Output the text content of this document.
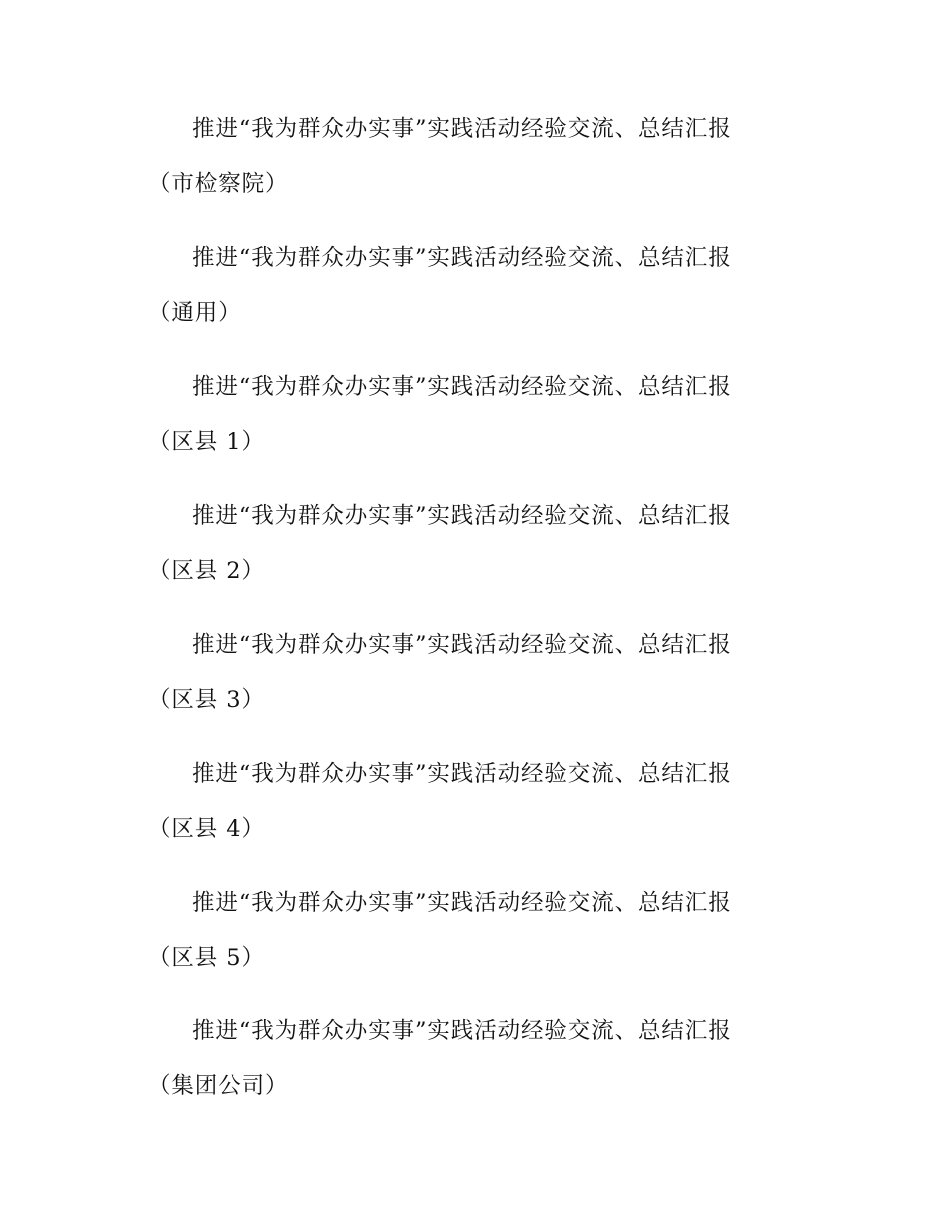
推进“我为群众办实事”实践活动经验交流、总结汇报
（市检察院）
推进“我为群众办实事”实践活动经验交流、总结汇报
（通用）
推进“我为群众办实事”实践活动经验交流、总结汇报
（区县 1）
推进“我为群众办实事”实践活动经验交流、总结汇报
（区县 2）
推进“我为群众办实事”实践活动经验交流、总结汇报
（区县 3）
推进“我为群众办实事”实践活动经验交流、总结汇报
（区县 4）
推进“我为群众办实事”实践活动经验交流、总结汇报
（区县 5）
推进“我为群众办实事”实践活动经验交流、总结汇报
（集团公司）
